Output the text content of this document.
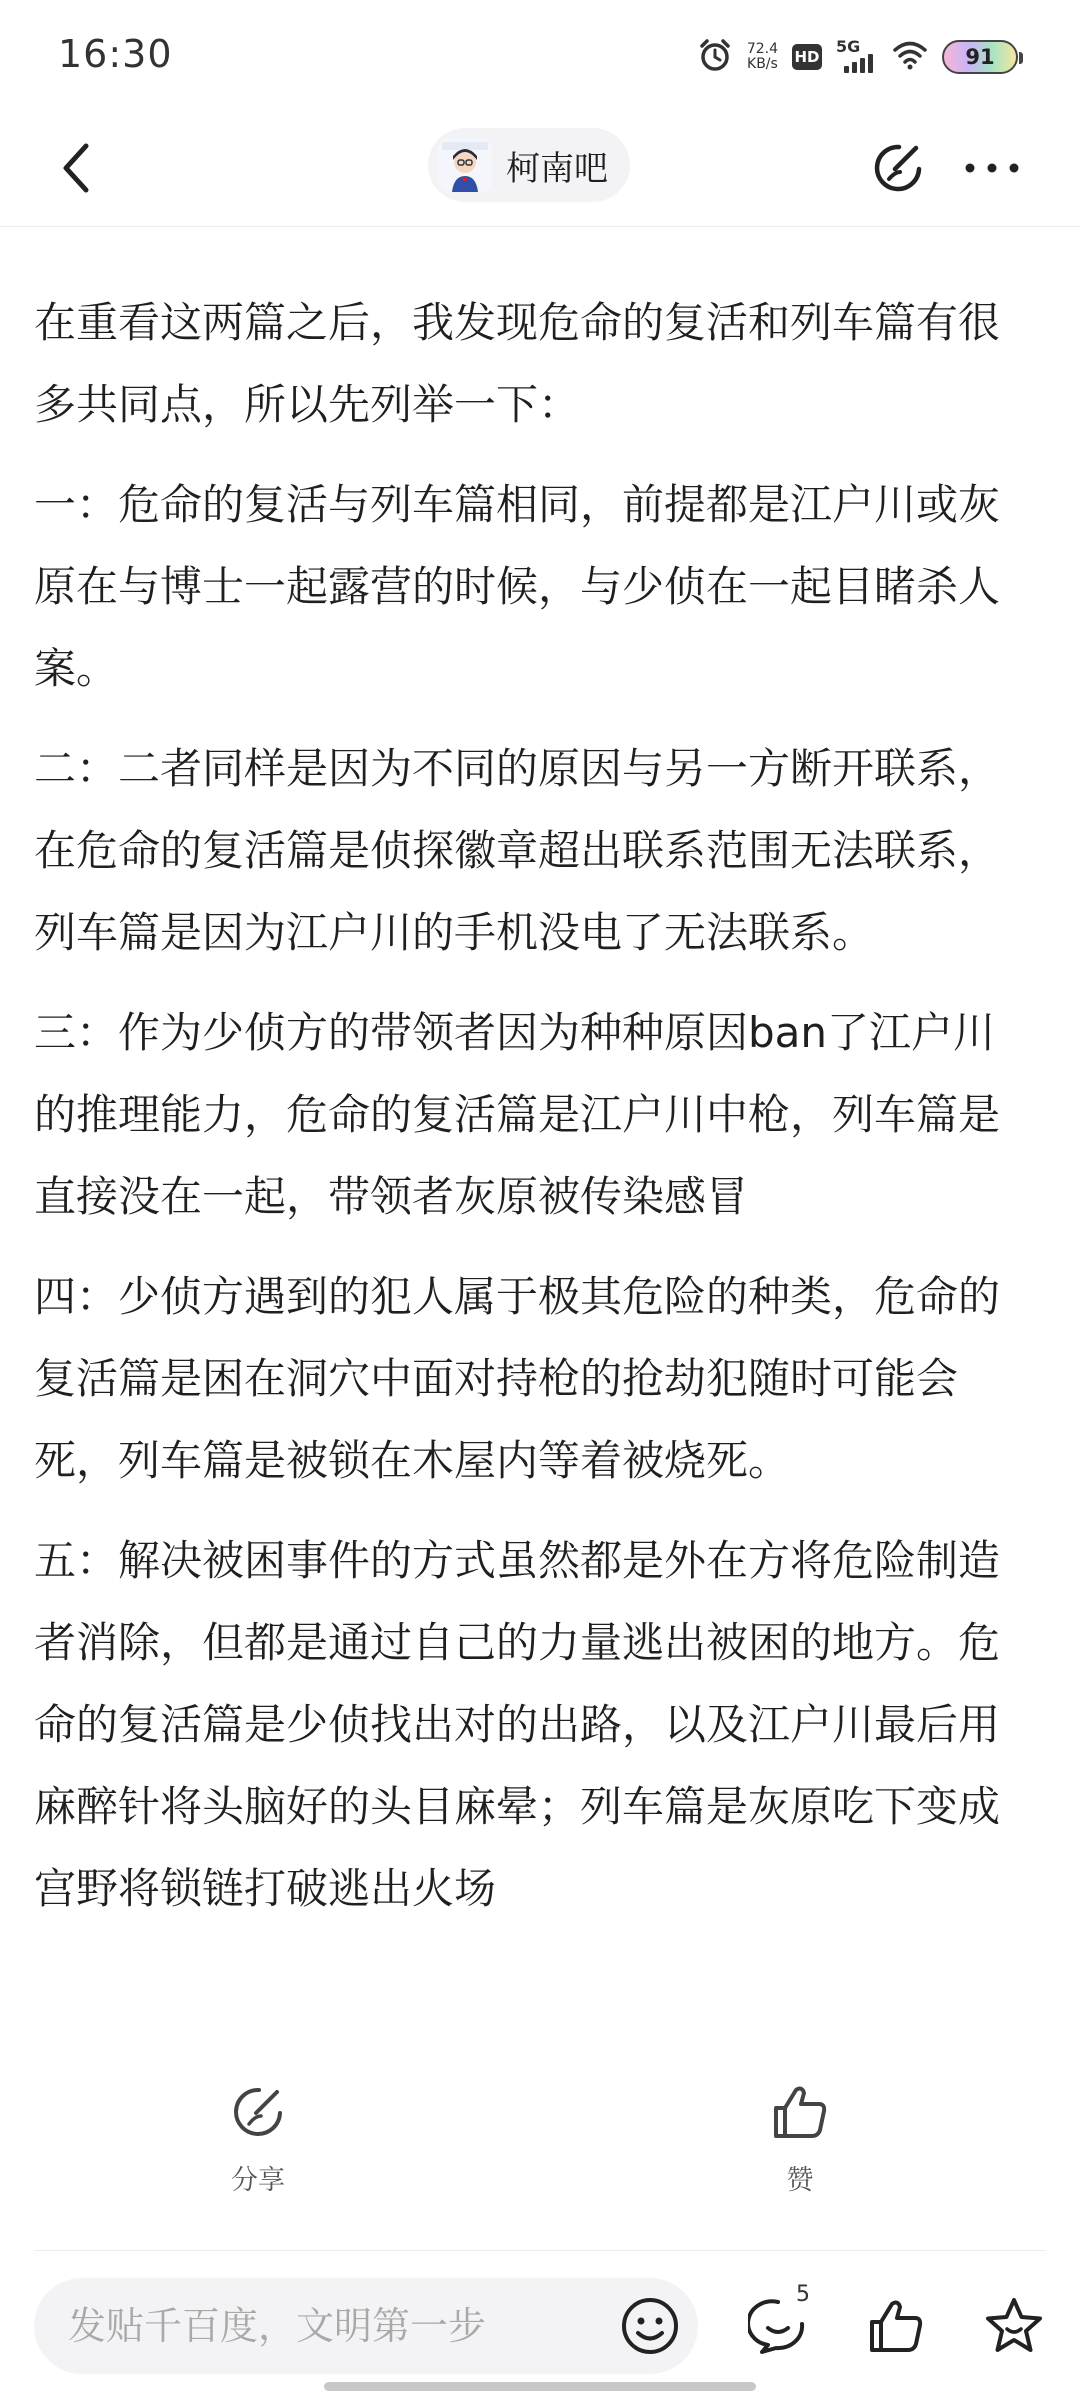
16:30	72.4
KB/s HD
5G	91
柯南吧

在重看这两篇之后，我发现危命的复活和列车篇有很多共同点，所以先列举一下：

一：危命的复活与列车篇相同，前提都是江户川或灰原在与博士一起露营的时候，与少侦在一起目睹杀人案。

二：二者同样是因为不同的原因与另一方断开联系，在危命的复活篇是侦探徽章超出联系范围无法联系，列车篇是因为江户川的手机没电了无法联系。

三：作为少侦方的带领者因为种种原因ban了江户川的推理能力，危命的复活篇是江户川中枪，列车篇是直接没在一起，带领者灰原被传染感冒

四：少侦方遇到的犯人属于极其危险的种类，危命的复活篇是困在洞穴中面对持枪的抢劫犯随时可能会死，列车篇是被锁在木屋内等着被烧死。

五：解决被困事件的方式虽然都是外在方将危险制造者消除，但都是通过自己的力量逃出被困的地方。危命的复活篇是少侦找出对的出路，以及江户川最后用麻醉针将头脑好的头目麻晕；列车篇是灰原吃下变成宫野将锁链打破逃出火场

分享	赞
发贴千百度，文明第一步
5
